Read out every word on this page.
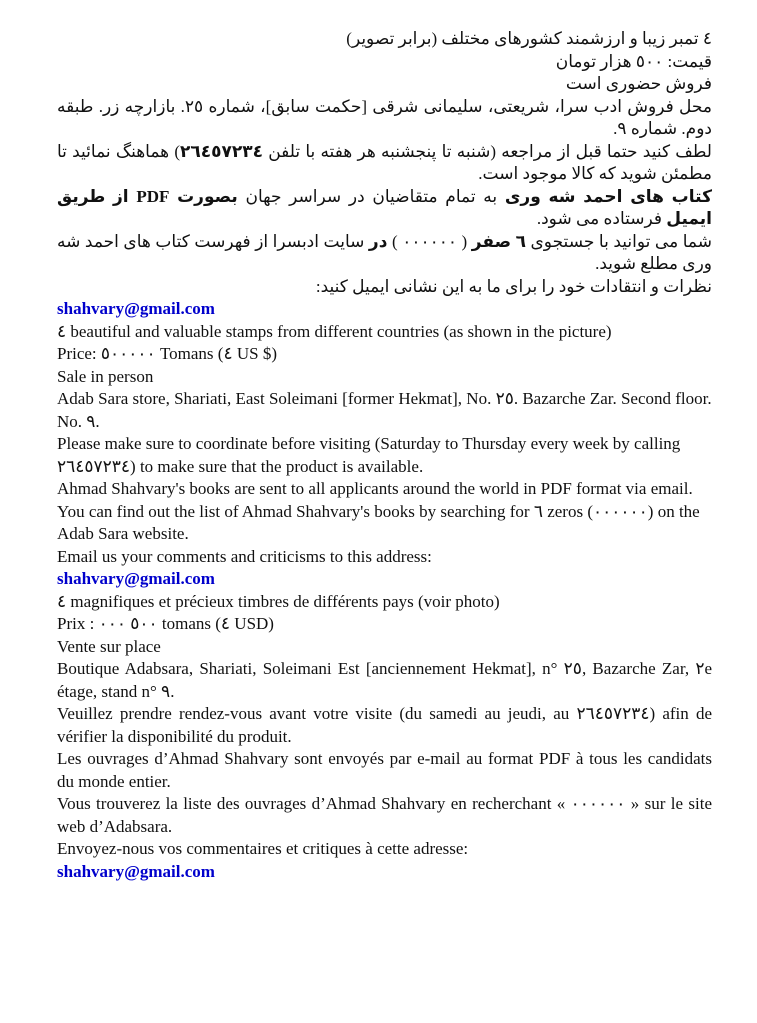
٤ تمبر زیبا و ارزشمند کشورهای مختلف (برابر تصویر)

قیمت: ٥٠٠ هزار تومان

فروش حضوری است

محل فروش ادب سرا، شریعتی، سلیمانی شرقی [حکمت سابق]، شماره ٢٥. بازارچه زر. طبقه دوم. شماره ٩.

لطف کنید حتما قبل از مراجعه (شنبه تا پنجشنبه هر هفته با تلفن ٢٦٤٥٧٢٣٤) هماهنگ نمائید تا مطمئن شوید که کالا موجود است.

کتاب های احمد شه وری به تمام متقاضیان در سراسر جهان بصورت PDF از طریق ایمیل فرستاده می شود.

شما می توانید با جستجوی ٦ صفر ( ٠٠٠٠٠٠ ) در سایت ادبسرا از فهرست کتاب های احمد شه وری مطلع شوید.

نظرات و انتقادات خود را برای ما به این نشانی ایمیل کنید:

shahvary@gmail.com

٤ beautiful and valuable stamps from different countries (as shown in the picture)

Price: ٥٠٠٠٠٠ Tomans (٤ US $)

Sale in person

Adab Sara store, Shariati, East Soleimani [former Hekmat], No. ٢٥. Bazarche Zar. Second floor. No. ٩.

Please make sure to coordinate before visiting (Saturday to Thursday every week by calling ٢٦٤٥٧٢٣٤) to make sure that the product is available.

Ahmad Shahvary's books are sent to all applicants around the world in PDF format via email.

You can find out the list of Ahmad Shahvary's books by searching for ٦ zeros (٠٠٠٠٠٠) on the Adab Sara website.

Email us your comments and criticisms to this address:

shahvary@gmail.com

٤ magnifiques et précieux timbres de différents pays (voir photo)

Prix : ٥٠٠ ٠٠٠ tomans (٤ USD)

Vente sur place

Boutique Adabsara, Shariati, Soleimani Est [anciennement Hekmat], n° ٢٥, Bazarche Zar, ٢e étage, stand n° ٩.

Veuillez prendre rendez-vous avant votre visite (du samedi au jeudi, au ٢٦٤٥٧٢٣٤) afin de vérifier la disponibilité du produit.

Les ouvrages d’Ahmad Shahvary sont envoyés par e-mail au format PDF à tous les candidats du monde entier.

Vous trouverez la liste des ouvrages d’Ahmad Shahvary en recherchant « ٠٠٠٠٠٠ » sur le site web d’Adabsara.

Envoyez-nous vos commentaires et critiques à cette adresse:

shahvary@gmail.com
